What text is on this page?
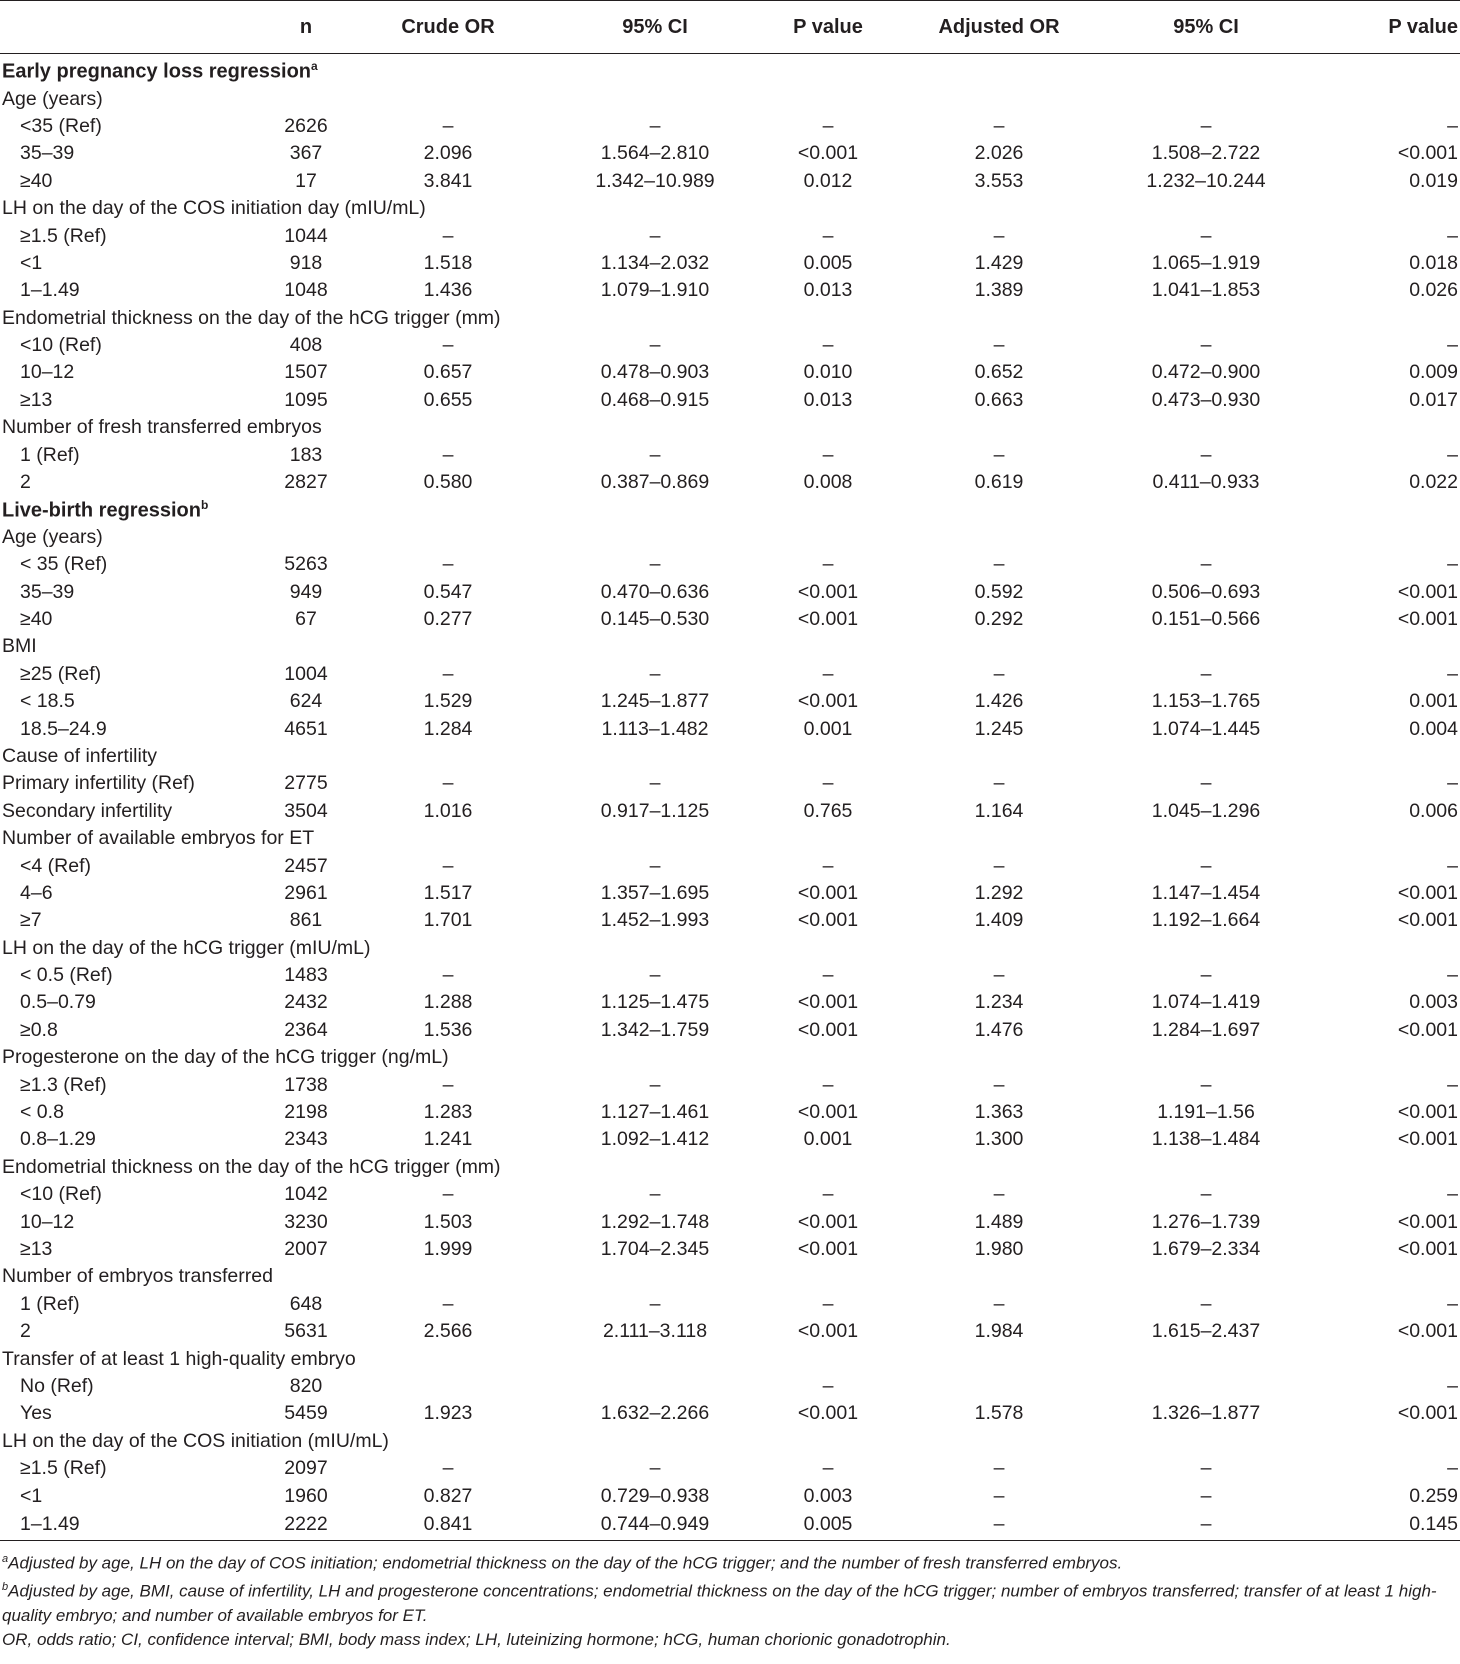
	n	Crude OR	95% CI	P value	Adjusted OR	95% CI	P value
Early pregnancy loss regression$^a$
Age (years)							
<35 (Ref)	2626	–	–	–	–	–	–
35–39	367	2.096	1.564–2.810	<0.001	2.026	1.508–2.722	<0.001
≥40	17	3.841	1.342–10.989	0.012	3.553	1.232–10.244	0.019
LH on the day of the COS initiation day (mIU/mL)							
≥1.5 (Ref)	1044	–	–	–	–	–	–
<1	918	1.518	1.134–2.032	0.005	1.429	1.065–1.919	0.018
1–1.49	1048	1.436	1.079–1.910	0.013	1.389	1.041–1.853	0.026
Endometrial thickness on the day of the hCG trigger (mm)							
<10 (Ref)	408	–	–	–	–	–	–
10–12	1507	0.657	0.478–0.903	0.010	0.652	0.472–0.900	0.009
≥13	1095	0.655	0.468–0.915	0.013	0.663	0.473–0.930	0.017
Number of fresh transferred embryos							
1 (Ref)	183	–	–	–	–	–	–
2	2827	0.580	0.387–0.869	0.008	0.619	0.411–0.933	0.022
Live-birth regression$^b$
Age (years)							
< 35 (Ref)	5263	–	–	–	–	–	–
35–39	949	0.547	0.470–0.636	<0.001	0.592	0.506–0.693	<0.001
≥40	67	0.277	0.145–0.530	<0.001	0.292	0.151–0.566	<0.001
BMI							
≥25 (Ref)	1004	–	–	–	–	–	–
< 18.5	624	1.529	1.245–1.877	<0.001	1.426	1.153–1.765	0.001
18.5–24.9	4651	1.284	1.113–1.482	0.001	1.245	1.074–1.445	0.004
Cause of infertility							
Primary infertility (Ref)	2775	–	–	–	–	–	–
Secondary infertility	3504	1.016	0.917–1.125	0.765	1.164	1.045–1.296	0.006
Number of available embryos for ET							
<4 (Ref)	2457	–	–	–	–	–	–
4–6	2961	1.517	1.357–1.695	<0.001	1.292	1.147–1.454	<0.001
≥7	861	1.701	1.452–1.993	<0.001	1.409	1.192–1.664	<0.001
LH on the day of the hCG trigger (mIU/mL)							
< 0.5 (Ref)	1483	–	–	–	–	–	–
0.5–0.79	2432	1.288	1.125–1.475	<0.001	1.234	1.074–1.419	0.003
≥0.8	2364	1.536	1.342–1.759	<0.001	1.476	1.284–1.697	<0.001
Progesterone on the day of the hCG trigger (ng/mL)							
≥1.3 (Ref)	1738	–	–	–	–	–	–
< 0.8	2198	1.283	1.127–1.461	<0.001	1.363	1.191–1.56	<0.001
0.8–1.29	2343	1.241	1.092–1.412	0.001	1.300	1.138–1.484	<0.001
Endometrial thickness on the day of the hCG trigger (mm)							
<10 (Ref)	1042	–	–	–	–	–	–
10–12	3230	1.503	1.292–1.748	<0.001	1.489	1.276–1.739	<0.001
≥13	2007	1.999	1.704–2.345	<0.001	1.980	1.679–2.334	<0.001
Number of embryos transferred							
1 (Ref)	648	–	–	–	–	–	–
2	5631	2.566	2.111–3.118	<0.001	1.984	1.615–2.437	<0.001
Transfer of at least 1 high-quality embryo							
No (Ref)	820			–			–
Yes	5459	1.923	1.632–2.266	<0.001	1.578	1.326–1.877	<0.001
LH on the day of the COS initiation (mIU/mL)							
≥1.5 (Ref)	2097	–	–	–	–	–	–
<1	1960	0.827	0.729–0.938	0.003	–	–	0.259
1–1.49	2222	0.841	0.744–0.949	0.005	–	–	0.145

$^a$Adjusted by age, LH on the day of COS initiation; endometrial thickness on the day of the hCG trigger; and the number of fresh transferred embryos.

$^b$Adjusted by age, BMI, cause of infertility, LH and progesterone concentrations; endometrial thickness on the day of the hCG trigger; number of embryos transferred; transfer of at least 1 high-quality embryo; and number of available embryos for ET.

OR, odds ratio; CI, confidence interval; BMI, body mass index; LH, luteinizing hormone; hCG, human chorionic gonadotrophin.
